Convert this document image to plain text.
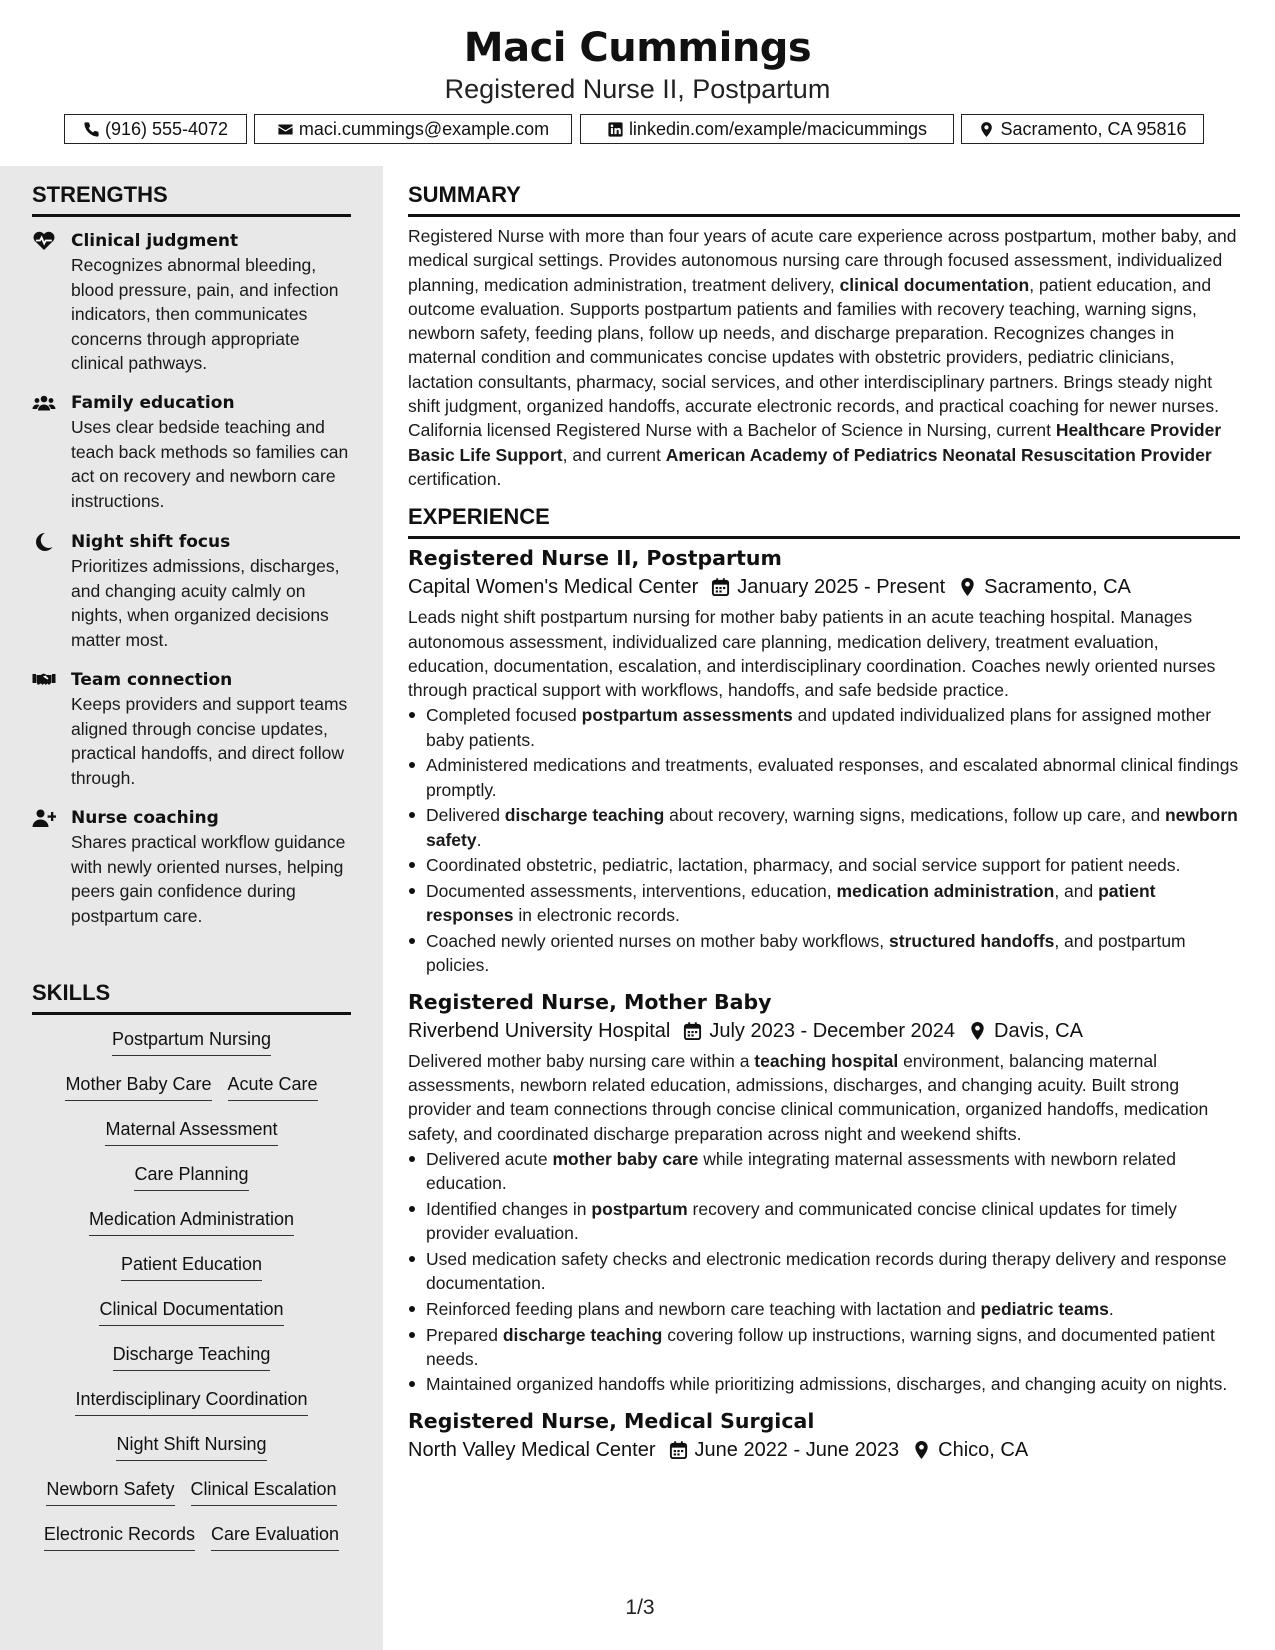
Maci Cummings
Registered Nurse II, Postpartum
(916) 555-4072	maci.cummings@example.com	linkedin.com/example/macicummings	Sacramento, CA 95816
STRENGTHS
Clinical judgment
Recognizes abnormal bleeding, blood pressure, pain, and infection indicators, then communicates concerns through appropriate clinical pathways.
Family education
Uses clear bedside teaching and teach back methods so families can act on recovery and newborn care instructions.
Night shift focus
Prioritizes admissions, discharges, and changing acuity calmly on nights, when organized decisions matter most.
Team connection
Keeps providers and support teams aligned through concise updates, practical handoffs, and direct follow through.
Nurse coaching
Shares practical workflow guidance with newly oriented nurses, helping peers gain confidence during postpartum care.
SKILLS
Postpartum Nursing
Mother Baby Care Acute Care
Maternal Assessment
Care Planning
Medication Administration
Patient Education
Clinical Documentation
Discharge Teaching
Interdisciplinary Coordination
Night Shift Nursing
Newborn Safety Clinical Escalation
Electronic Records Care Evaluation
SUMMARY
Registered Nurse with more than four years of acute care experience across postpartum, mother baby, and medical surgical settings. Provides autonomous nursing care through focused assessment, individualized planning, medication administration, treatment delivery, clinical documentation, patient education, and outcome evaluation. Supports postpartum patients and families with recovery teaching, warning signs, newborn safety, feeding plans, follow up needs, and discharge preparation. Recognizes changes in maternal condition and communicates concise updates with obstetric providers, pediatric clinicians, lactation consultants, pharmacy, social services, and other interdisciplinary partners. Brings steady night shift judgment, organized handoffs, accurate electronic records, and practical coaching for newer nurses. California licensed Registered Nurse with a Bachelor of Science in Nursing, current Healthcare Provider Basic Life Support, and current American Academy of Pediatrics Neonatal Resuscitation Provider certification.
EXPERIENCE
Registered Nurse II, Postpartum
Capital Women's Medical Center January 2025 - Present Sacramento, CA
Leads night shift postpartum nursing for mother baby patients in an acute teaching hospital. Manages autonomous assessment, individualized care planning, medication delivery, treatment evaluation, education, documentation, escalation, and interdisciplinary coordination. Coaches newly oriented nurses through practical support with workflows, handoffs, and safe bedside practice.
Completed focused postpartum assessments and updated individualized plans for assigned mother baby patients.
Administered medications and treatments, evaluated responses, and escalated abnormal clinical findings promptly.
Delivered discharge teaching about recovery, warning signs, medications, follow up care, and newborn safety.
Coordinated obstetric, pediatric, lactation, pharmacy, and social service support for patient needs.
Documented assessments, interventions, education, medication administration, and patient responses in electronic records.
Coached newly oriented nurses on mother baby workflows, structured handoffs, and postpartum policies.
Registered Nurse, Mother Baby
Riverbend University Hospital July 2023 - December 2024 Davis, CA
Delivered mother baby nursing care within a teaching hospital environment, balancing maternal assessments, newborn related education, admissions, discharges, and changing acuity. Built strong provider and team connections through concise clinical communication, organized handoffs, medication safety, and coordinated discharge preparation across night and weekend shifts.
Delivered acute mother baby care while integrating maternal assessments with newborn related education.
Identified changes in postpartum recovery and communicated concise clinical updates for timely provider evaluation.
Used medication safety checks and electronic medication records during therapy delivery and response documentation.
Reinforced feeding plans and newborn care teaching with lactation and pediatric teams.
Prepared discharge teaching covering follow up instructions, warning signs, and documented patient needs.
Maintained organized handoffs while prioritizing admissions, discharges, and changing acuity on nights.
Registered Nurse, Medical Surgical
North Valley Medical Center June 2022 - June 2023 Chico, CA
1/3
